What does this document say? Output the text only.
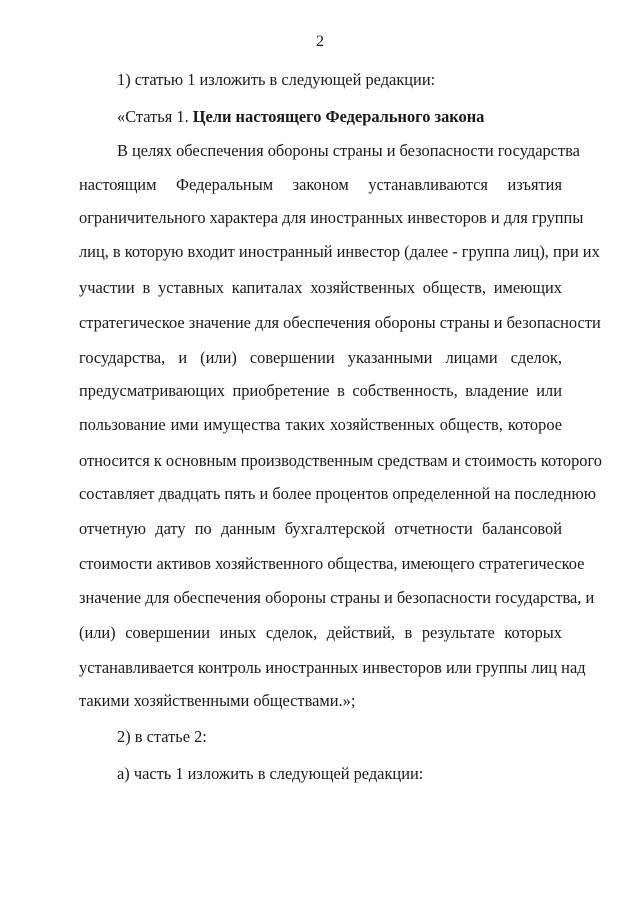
2
1) статью 1 изложить в следующей редакции:
«Статья 1. Цели настоящего Федерального закона
В целях обеспечения обороны страны и безопасности государства
настоящим Федеральным законом устанавливаются изъятия
ограничительного характера для иностранных инвесторов и для группы
лиц, в которую входит иностранный инвестор (далее - группа лиц), при их
участии в уставных капиталах хозяйственных обществ, имеющих
стратегическое значение для обеспечения обороны страны и безопасности
государства, и (или) совершении указанными лицами сделок,
предусматривающих приобретение в собственность, владение или
пользование ими имущества таких хозяйственных обществ, которое
относится к основным производственным средствам и стоимость которого
составляет двадцать пять и более процентов определенной на последнюю
отчетную дату по данным бухгалтерской отчетности балансовой
стоимости активов хозяйственного общества, имеющего стратегическое
значение для обеспечения обороны страны и безопасности государства, и
(или) совершении иных сделок, действий, в результате которых
устанавливается контроль иностранных инвесторов или группы лиц над
такими хозяйственными обществами.»;
2) в статье 2:
а) часть 1 изложить в следующей редакции:
